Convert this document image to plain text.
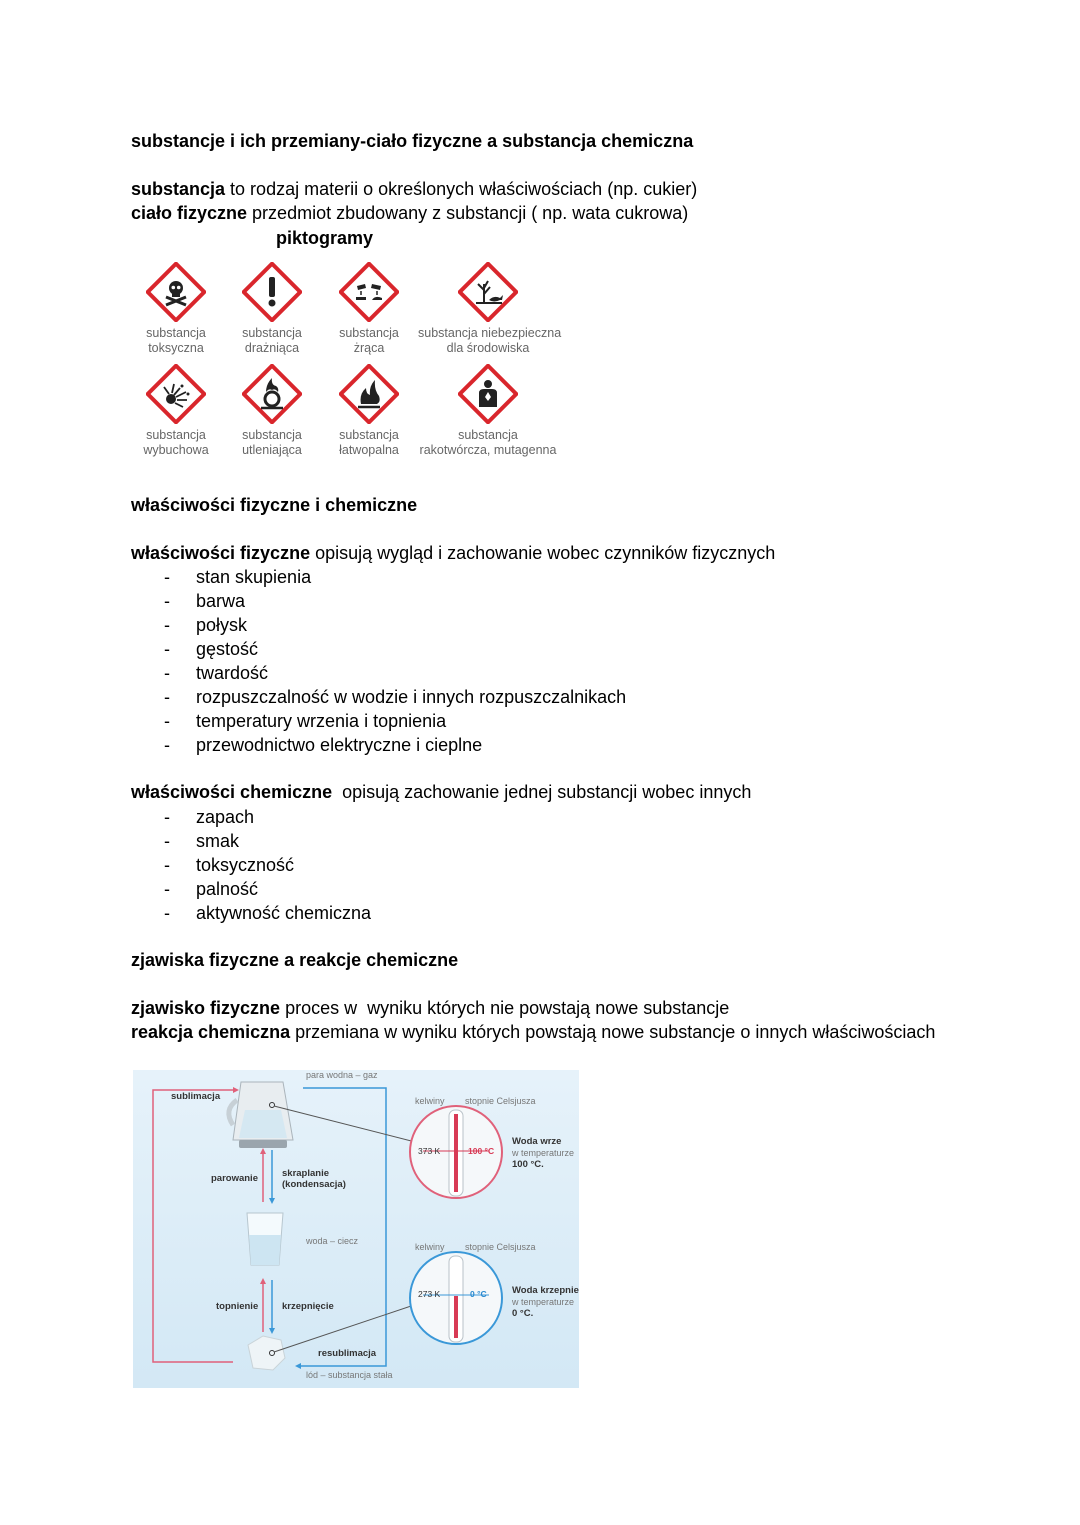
substancje i ich przemiany-ciało fizyczne a substancja chemiczna
substancja to rodzaj materii o określonych właściwościach (np. cukier)
ciało fizyczne przedmiot zbudowany z substancji ( np. wata cukrowa)
piktogramy
substancja
toksyczna
substancja
drażniąca
substancja
żrąca
substancja niebezpieczna
dla środowiska
substancja
wybuchowa
substancja
utleniająca
substancja
łatwopalna
substancja
rakotwórcza, mutagenna
właściwości fizyczne i chemiczne
właściwości fizyczne opisują wygląd i zachowanie wobec czynników fizycznych
- stan skupienia
- barwa
- połysk
- gęstość
- twardość
- rozpuszczalność w wodzie i innych rozpuszczalnikach
- temperatury wrzenia i topnienia
- przewodnictwo elektryczne i cieplne
właściwości chemiczne  opisują zachowanie jednej substancji wobec innych
- zapach
- smak
- toksyczność
- palność
- aktywność chemiczna
zjawiska fizyczne a reakcje chemiczne
zjawisko fizyczne proces w  wyniku których nie powstają nowe substancje
reakcja chemiczna przemiana w wyniku których powstają nowe substancje o innych właściwościach
para wodna – gaz
sublimacja
parowanie	skraplanie
(kondensacja)
woda – ciecz
topnienie	krzepnięcie
resublimacja
lód – substancja stała
kelwiny stopnie Celsjusza
373 K	100 °C
Woda wrze
w temperaturze
100 °C.
kelwiny stopnie Celsjusza
273 K	0 °C	Woda krzepnie
w temperaturze
0 °C.
